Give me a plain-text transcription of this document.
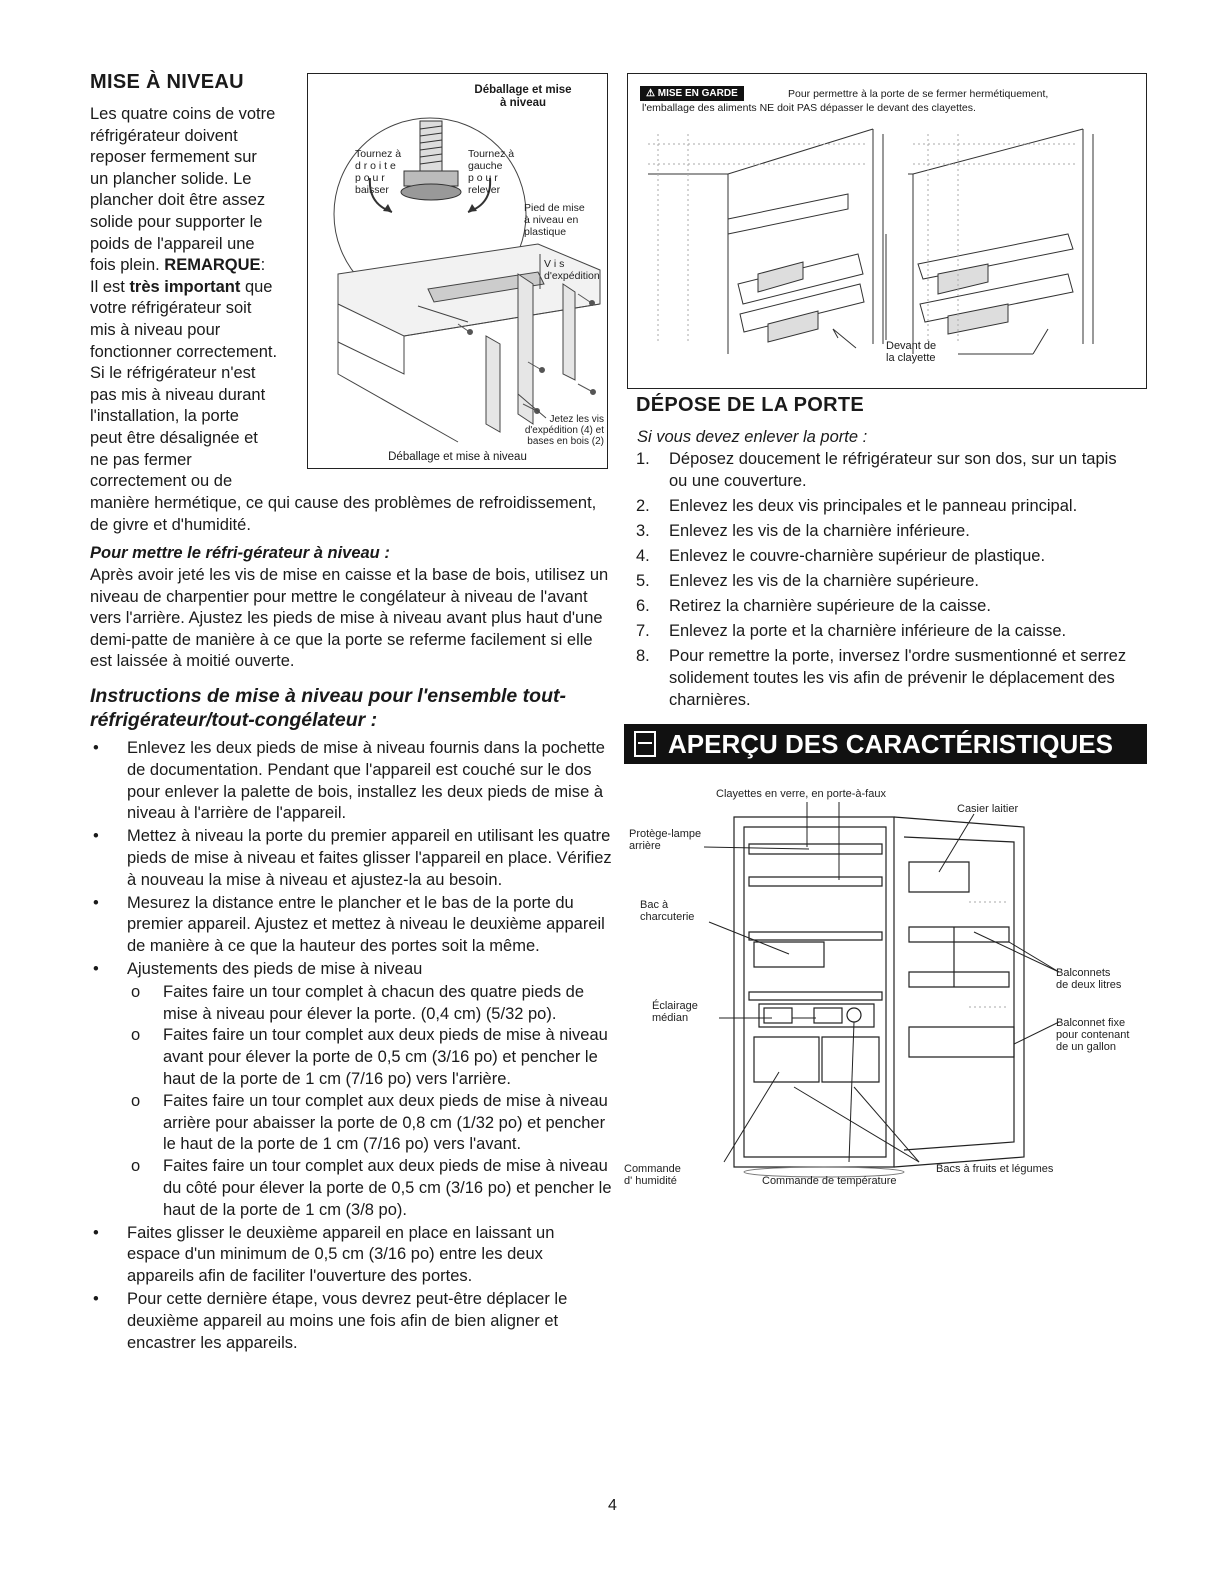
MISE À NIVEAU
Les quatre coins de votre
réfrigérateur doivent
reposer fermement sur
un plancher solide. Le
plancher doit être assez
solide pour supporter le
poids de l'appareil une
fois plein. REMARQUE:
Il est très important que
votre réfrigérateur soit
mis à niveau pour
fonctionner correctement.
Si le réfrigérateur n'est
pas mis à niveau durant
l'installation, la porte
peut être désalignée et
ne pas fermer
correctement ou de
manière hermétique, ce qui cause des problèmes de refroidissement, de givre et d'humidité.
Pour mettre le réfri-gérateur à niveau :
Après avoir jeté les vis de mise en caisse et la base de bois, utilisez un niveau de charpentier pour mettre le congélateur à niveau de l'avant vers l'arrière. Ajustez les pieds de mise à niveau avant plus haut d'une demi-patte de manière à ce que la porte se referme facilement si elle est laissée à moitié ouverte.
Instructions de mise à niveau pour l'ensemble tout-
réfrigérateur/tout-congélateur :
•	Enlevez les deux pieds de mise à niveau fournis dans la pochette de documentation. Pendant que l'appareil est couché sur le dos pour enlever la palette de bois, installez les deux pieds de mise à niveau à l'arrière de l'appareil.
•	Mettez à niveau la porte du premier appareil en utilisant les quatre pieds de mise à niveau et faites glisser l'appareil en place. Vérifiez à nouveau la mise à niveau et ajustez-la au besoin.
•	Mesurez la distance entre le plancher et le bas de la porte du premier appareil. Ajustez et mettez à niveau le deuxième appareil de manière à ce que la hauteur des portes soit la même.
•	Ajustements des pieds de mise à niveau
o	Faites faire un tour complet à chacun des quatre pieds de mise à niveau pour élever la porte. (0,4 cm) (5/32 po).
o	Faites faire un tour complet aux deux pieds de mise à niveau avant pour élever la porte de 0,5 cm (3/16 po) et pencher le haut de la porte de 1 cm (7/16 po) vers l'arrière.
o	Faites faire un tour complet aux deux pieds de mise à niveau arrière pour abaisser la porte de 0,8 cm (1/32 po) et pencher le haut de la porte de 1 cm (7/16 po) vers l'avant.
o	Faites faire un tour complet aux deux pieds de mise à niveau du côté pour élever la porte de 0,5 cm (3/16 po) et pencher le haut de la porte de 1 cm (3/8 po).
•	Faites glisser le deuxième appareil en place en laissant un espace d'un minimum de 0,5 cm (3/16 po) entre les deux appareils afin de faciliter l'ouverture des portes.
•	Pour cette dernière étape, vous devrez peut-être déplacer le deuxième appareil au moins une fois afin de bien aligner et encastrer les appareils.
Déballage et mise
à niveau
Tournez à
d r o i t e
p o u r
baisser
Tournez à
gauche
p o u r
relever
Pied de mise
à niveau en
plastique
V i s
d'expédition
Jetez les vis
d'expédition (4) et
bases en bois (2)
Déballage et mise à niveau
⚠ MISE EN GARDE	Pour permettre à la porte de se fermer hermétiquement,
l'emballage des aliments NE doit PAS dépasser le devant des clayettes.
Devant de
la clayette
DÉPOSE DE LA PORTE
Si vous devez enlever la porte :
1.	Déposez doucement le réfrigérateur sur son dos, sur un tapis ou une couverture.
2.	Enlevez les deux vis principales et le panneau principal.
3.	Enlevez les vis de la charnière inférieure.
4.	Enlevez le couvre-charnière supérieur de plastique.
5.	Enlevez les vis de la charnière supérieure.
6.	Retirez la charnière supérieure de la caisse.
7.	Enlevez la porte et la charnière inférieure de la caisse.
8.	Pour remettre la porte, inversez l'ordre susmentionné et serrez solidement toutes les vis afin de prévenir le déplacement des charnières.
APERÇU DES CARACTÉRISTIQUES
Clayettes en verre, en porte-à-faux
Casier laitier
Protège-lampe
arrière
Bac à
charcuterie
Éclairage
médian
Balconnets
de deux litres
Balconnet fixe
pour contenant
de un gallon
Commande
d' humidité	Commande de température
Bacs à fruits et légumes
4
